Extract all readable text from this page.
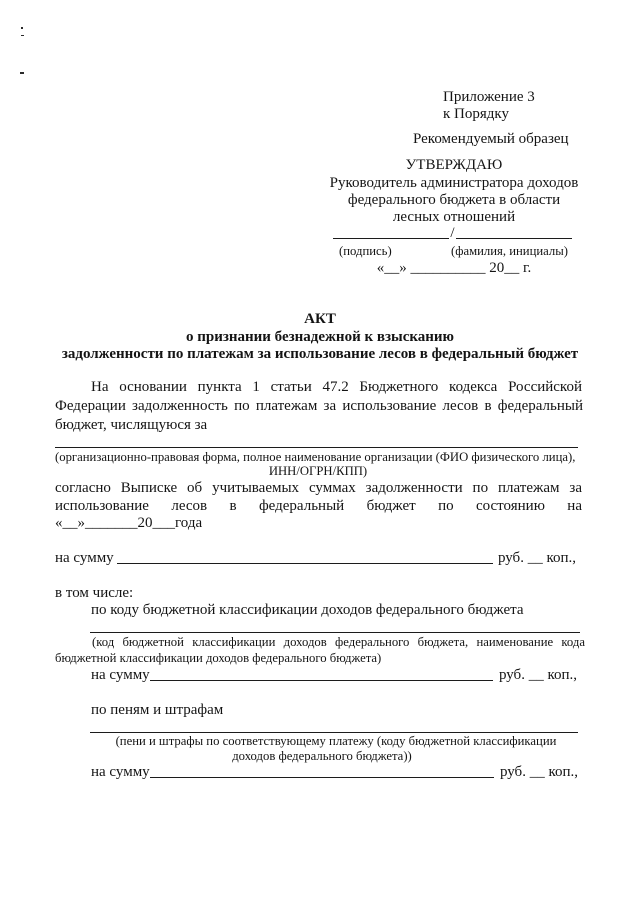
Приложение 3
к Порядку
Рекомендуемый образец
УТВЕРЖДАЮ
Руководитель администратора доходов
федерального бюджета в области
лесных отношений
/
(подпись)	(фамилия, инициалы)
«__» __________ 20__ г.
АКТ
о признании безнадежной к взысканию
задолженности по платежам за использование лесов в федеральный бюджет
На основании пункта 1 статьи 47.2 Бюджетного кодекса Российской
Федерации задолженность по платежам за использование лесов в федеральный
бюджет, числящуюся за
(организационно-правовая форма, полное наименование организации (ФИО физического лица),
ИНН/ОГРН/КПП)
согласно Выписке об учитываемых суммах задолженности по платежам за
использование лесов в федеральный бюджет по состоянию на
«__»_______20___года
на сумму	руб. __ коп.,
в том числе:
по коду бюджетной классификации доходов федерального бюджета
(код бюджетной классификации доходов федерального бюджета, наименование кода
бюджетной классификации доходов федерального бюджета)
на сумму	руб. __ коп.,
по пеням и штрафам
(пени и штрафы по соответствующему платежу (коду бюджетной классификации
доходов федерального бюджета))
на сумму	руб. __ коп.,
